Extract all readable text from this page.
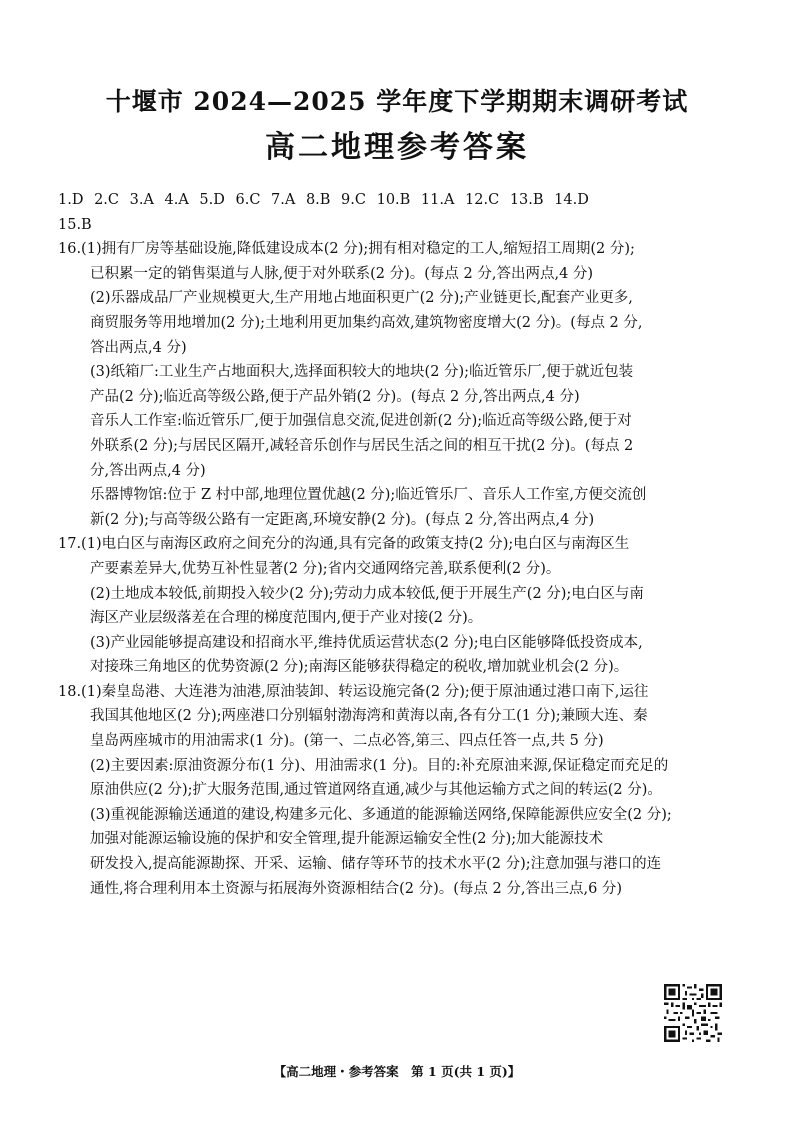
十堰市 2024—2025 学年度下学期期末调研考试
高二地理参考答案
1.D 2.C 3.A 4.A 5.D 6.C 7.A 8.B 9.C 10.B 11.A 12.C 13.B 14.D
15.B
16.(1)拥有厂房等基础设施,降低建设成本(2 分);拥有相对稳定的工人,缩短招工周期(2 分);
已积累一定的销售渠道与人脉,便于对外联系(2 分)。(每点 2 分,答出两点,4 分)
(2)乐器成品厂产业规模更大,生产用地占地面积更广(2 分);产业链更长,配套产业更多,
商贸服务等用地增加(2 分);土地利用更加集约高效,建筑物密度增大(2 分)。(每点 2 分,
答出两点,4 分)
(3)纸箱厂:工业生产占地面积大,选择面积较大的地块(2 分);临近管乐厂,便于就近包装
产品(2 分);临近高等级公路,便于产品外销(2 分)。(每点 2 分,答出两点,4 分)
音乐人工作室:临近管乐厂,便于加强信息交流,促进创新(2 分);临近高等级公路,便于对
外联系(2 分);与居民区隔开,减轻音乐创作与居民生活之间的相互干扰(2 分)。(每点 2
分,答出两点,4 分)
乐器博物馆:位于 Z 村中部,地理位置优越(2 分);临近管乐厂、音乐人工作室,方便交流创
新(2 分);与高等级公路有一定距离,环境安静(2 分)。(每点 2 分,答出两点,4 分)
17.(1)电白区与南海区政府之间充分的沟通,具有完备的政策支持(2 分);电白区与南海区生
产要素差异大,优势互补性显著(2 分);省内交通网络完善,联系便利(2 分)。
(2)土地成本较低,前期投入较少(2 分);劳动力成本较低,便于开展生产(2 分);电白区与南
海区产业层级落差在合理的梯度范围内,便于产业对接(2 分)。
(3)产业园能够提高建设和招商水平,维持优质运营状态(2 分);电白区能够降低投资成本,
对接珠三角地区的优势资源(2 分);南海区能够获得稳定的税收,增加就业机会(2 分)。
18.(1)秦皇岛港、大连港为油港,原油装卸、转运设施完备(2 分);便于原油通过港口南下,运往
我国其他地区(2 分);两座港口分别辐射渤海湾和黄海以南,各有分工(1 分);兼顾大连、秦
皇岛两座城市的用油需求(1 分)。(第一、二点必答,第三、四点任答一点,共 5 分)
(2)主要因素:原油资源分布(1 分)、用油需求(1 分)。目的:补充原油来源,保证稳定而充足的
原油供应(2 分);扩大服务范围,通过管道网络直通,减少与其他运输方式之间的转运(2 分)。
(3)重视能源输送通道的建设,构建多元化、多通道的能源输送网络,保障能源供应安全(2 分);
加强对能源运输设施的保护和安全管理,提升能源运输安全性(2 分);加大能源技术
研发投入,提高能源勘探、开采、运输、储存等环节的技术水平(2 分);注意加强与港口的连
通性,将合理利用本土资源与拓展海外资源相结合(2 分)。(每点 2 分,答出三点,6 分)
【高二地理・参考答案　第 1 页(共 1 页)】
